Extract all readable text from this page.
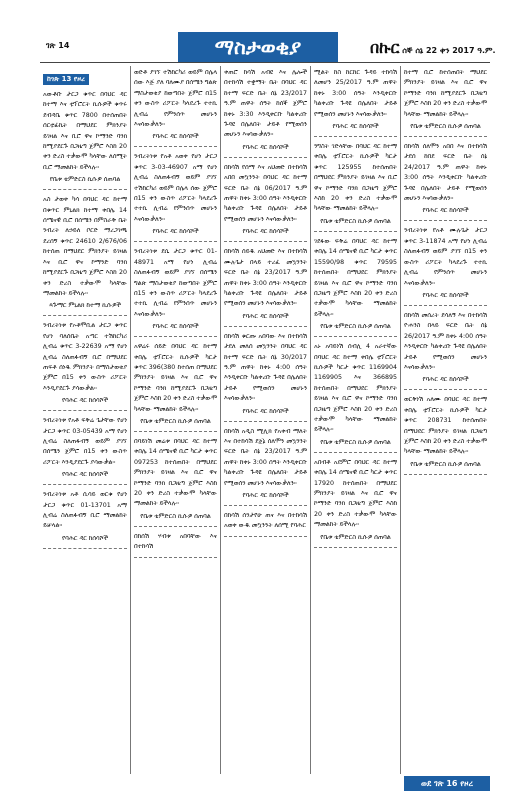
ገጽ 14	ማስታወቂያ	በኩር ሰኞ ሰኔ 22 ቀን 2017 ዓ.ም.
ከገጽ 13 የዞረ

አውቶቡ ታርጋ ቁጥር በባህር ዳር ከተማ እና ቲፕሮርት ኪሱዎች ቁጥሩ ደብዳቤ ቁጥር 7800 በተሰጠበት ሰርቲፊኬት በማህደር ምክንያት ይገዛል እና ቢሮ ዋና ኮማንድ ባንክ ከሚያደርጉ በጋዜጣ ጀምሮ እስከ 20 ቀን ድረስ ተቃውሞ ካላቸው ለሰሚት ቢሮ ማመልከት ይችላሉ፡፡

የቤቱ ቴምድርስ ኪሱዎ ሰጠባል

አስ ታወቀ ካሳ በባህር ዳር ከተማ በቁጥር ምኒልክ ከተማ ቀበሌ 14 ሰሜናዊ ቢሮ በሰሜን በምስራቅ ቤት ንብረት ለኃይለ ቦርድ ማረጋገጫ ደረሰኝ ቁጥር 24610 2/676/06 ከተሰጠ በማህደር ምክንያት ይገዛል እና ቢሮ ዋና ኮማንድ ባንክ ከሚያደርጉ በጋዜጣ ጀምሮ እስከ 20 ቀን ድረስ ተቃውሞ ካላቸው ማመልከት ይችላሉ፡፡

ጻጉማር ምኒልክ ከተማ ኪሱዎች

ንብረትነቱ የኦቶሞቢል ታርጋ ቁጥር የሆነ ባለሰቤት አጣር ተሽከርካሪ ሊብሬ ቁጥር 3-22639 አማ የሆነ ሊብሬ ስለጠፋብኝ ቢሮ በማህደር ጠፍቶ ሰነዱ ምክንያት በማስታወቂያ ጀምሮ በ15 ቀን ውስጥ ሪፖርት እንዲያደርጉ ያሳውቃል፡፡

የባሕር ዳር ከሰሳሾች

ንብረትነቱ የአቶ ፍቅሬ ጌታቸው የሆነ ታርጋ ቁጥር 03-05439 አማ የሆነ ሊብሬ ስለጠፋብኝ ወይም ያገኘ በሰሜን ጀምሮ በ15 ቀን ውስጥ ሪፖርት እንዲያደርጉ ያሳውቃል፡፡

የባሕር ዳር ከሰሳሾች

ንብረትነቱ አቶ ሲሳይ ወርቁ የሆነ ታርጋ ቁጥር 01-13701 አማ ሊብሬ ስለጠፋብኝ ቢሮ ማመልከት ይቻላል፡፡

የባሕር ዳር ከሰሳሾች

ወድቶ ያገኘ ተሽከርካሪ ወይም በሌላ ሰው እጅ ያለ ባለሙያ በሰሜን ግልጽ ማስታወቂያ ከወጣበት ጀምሮ በ15 ቀን ውስጥ ሪፖርት ካላደረጉ ተተኪ ሊብሬ የምንሰጥ መሆኑን እናሳውቃለን፡፡

የባሕር ዳር ከሰሳሾች

ንብረትነቱ የአቶ አወቀ የሆነ ታርጋ ቁጥር 3-03-46907 አማ የሆነ ሊብሬ ስለጠፋብኝ ወይም ያገኘ ተሽከርካሪ ወይም በሌላ ሰው ጀምሮ በ15 ቀን ውስጥ ሪፖርት ካላደረጉ ተተኪ ሊብሬ የምንሰጥ መሆኑን እናሳውቃለን፡፡

የባሕር ዳር ከሰሳሾች

ንብረትነቱ ደሴ ታርጋ ቁጥር 01-48971 አማ የሆነ ሊብሬ ስለጠፋብኝ ወይም ያገኘ በሰሜን ግልጽ ማስታወቂያ ከወጣበት ጀምሮ በ15 ቀን ውስጥ ሪፖርት ካላደረጉ ተተኪ ሊብሬ የምንሰጥ መሆኑን እናሳውቃለን፡፡

የባሕር ዳር ከሰሳሾች

አዋሬሩ ሰይድ በባህር ዳር ከተማ ቀበሌ ቲፕሮርት ኪሱዎች ካርታ ቁጥር 396(380 ከተሰጠ በማህደር ምክንያት ይገዛል እና ቢሮ ዋና ኮማንድ ባንክ ከሚያደርጉ በጋዜጣ ጀምሮ እስከ 20 ቀን ድረስ ተቃውሞ ካላቸው ማመልከት ይችላሉ፡፡

የቤቱ ቴምድርስ ኪሱዎ ሰጠባል

በባይነሽ መሬቱ በባህር ዳር ከተማ ቀበሌ 14 ሰሜናዊ ቢሮ ካርታ ቁጥር 097253 ከተሰጠበት በማህደር ምክንያት ይገዛል እና ቢሮ ዋና ኮማንድ ባንክ በጋዜጣ ጀምሮ እስከ 20 ቀን ድረስ ተቃውሞ ካላቸው ማመልከት ይችላሉ፡፡

የቤቱ ቴምድርስ ኪሱዎ ሰጠባል

በከሰሽ ሃብቱ አበባቸው እና በተከሳሽ

ቀጠሮ ከሳሽ አብዩ እና ሌሎች በተከሳሽ ተቋማት ቤት በባህር ዳር ከተማ ፍርድ ቤት ሰኔ 23/2017 ዓ.ም ጠዋት ሰዓት ከሰኞ ጀምሮ ከቀኑ 3:30 እንዲቀርቡ ካልቀረቡ ጉዳዩ በሌለበት ታይቶ የሚወሰን መሆኑን እናሳውቃለን፡፡

የባሕር ዳር ከሰሳሾች

በከሳሽ የሰማ እና አህመድ በተከሳሽ አበበ መኳንንት በባህር ዳር ከተማ ፍርድ ቤት ሰኔ 06/2017 ዓ.ም ጠዋት ከቀኑ 3:00 ሰዓት እንዲቀርቡ ካልቀረቡ ጉዳዩ በሌለበት ታይቶ የሚወሰን መሆኑን እናሳውቃለን፡፡

የባሕር ዳር ከሰሳሾች

በከሳሽ ሰይዱ አህመድ እና በተከሳሽ ሙሉጌታ በላይ ተረፈ መኳንንት ፍርድ ቤት ሰኔ 23/2017 ዓ.ም ጠዋት ከቀኑ 3:00 ሰዓት እንዲቀርቡ ካልቀረቡ ጉዳዩ በሌለበት ታይቶ የሚወሰን መሆኑን እናሳውቃለን፡፡

የባሕር ዳር ከሰሳሾች

በከሳሽ ቁርጡ አበባው እና በተከሳሽ ታደለ መለሰ መኳንንት በባህር ዳር ከተማ ፍርድ ቤት ሰኔ 30/2017 ዓ.ም ጠዋት ከቀኑ 4:00 ሰዓት እንዲቀርቡ ካልቀረቡ ጉዳዩ በሌለበት ታይቶ የሚወሰን መሆኑን እናሳውቃለን፡፡

የባሕር ዳር ከሰሳሾች

በከሳሽ አዲስ ሚሊክ የአቀብ ማለት እና በተከሳሽ ደጀኔ ሰለሞን መኳንንት ፍርድ ቤት ሰኔ 23/2017 ዓ.ም ጠዋት ከቀኑ 3:00 ሰዓት እንዲቀርቡ ካልቀረቡ ጉዳዩ በሌለበት ታይቶ የሚወሰን መሆኑን እናሳውቃለን፡፡

የባሕር ዳር ከሰሳሾች

በከሳሽ ሰንታየሁ ጠና እና በተከሳሽ አወቀ ውዱ መኳንንት ለሰሚ የባሕር

ሚልት ከስ ከርከር ጉዳይ ተከሳሽ ለመሆን 25/2017 ዓ.ም ጠዋት ከቀኑ 3:00 ሰዓት እንዲቀርቡ ካልቀረቡ ጉዳዩ በሌለበት ታይቶ የሚወሰን መሆኑን እናሳውቃለን፡፡

የባሕር ዳር ከሰሳሾች

ንግስት ገድላቸው በባህር ዳር ከተማ ቀበሌ ቲፕሮርት ኪሱዎች ካርታ ቁጥር 125955 ከተሰጠበት በማህደር ምክንያት ይገዛል እና ቢሮ ዋና ኮማንድ ባንክ በጋዜጣ ጀምሮ እስከ 20 ቀን ድረስ ተቃውሞ ካላቸው ማመልከት ይችላሉ፡፡

የቤቱ ቴምድርስ ኪሱዎ ሰጠባል

ገደፋው ፍቅሬ በባህር ዳር ከተማ ቀበሌ 14 ሰሜናዊ ቢሮ ካርታ ቁጥር 15590/98 ቁጥር 79595 ከተሰጠበት በማህደር ምክንያት ይገዛል እና ቢሮ ዋና ኮማንድ ባንክ በጋዜጣ ጀምሮ እስከ 20 ቀን ድረስ ተቃውሞ ካላቸው ማመልከት ይችላሉ፡፡

የቤቱ ቴምድርስ ኪሱዎ ሰጠባል

አኑ አባይነሽ ሰብሊ 4 አራተኛው በባህር ዳር ከተማ ቀበሌ ቲፕሮርት ኪሱዎች ካርታ ቁጥር 1169904 1169905 እና 366895 ከተሰጠበት በማህደር ምክንያት ይገዛል እና ቢሮ ዋና ኮማንድ ባንክ በጋዜጣ ጀምሮ እስከ 20 ቀን ድረስ ተቃውሞ ካላቸው ማመልከት ይችላሉ፡፡

የቤቱ ቴምድርስ ኪሱዎ ሰጠባል

አበብቶ አደምሮ በባህር ዳር ከተማ ቀበሌ 14 ሰሜናዊ ቢሮ ካርታ ቁጥር 17920 ከተሰጠበት በማህደር ምክንያት ይገዛል እና ቢሮ ዋና ኮማንድ ባንክ በጋዜጣ ጀምሮ እስከ 20 ቀን ድረስ ተቃውሞ ካላቸው ማመልከት ይችላሉ፡፡

የቤቱ ቴምድርስ ኪሱዎ ሰጠባል

ከተማ ቢሮ ከተሰጠበት ማህደር ምክንያት ይገዛል እና ቢሮ ዋና ኮማንድ ባንክ ከሚያደርጉ በጋዜጣ ጀምሮ እስከ 20 ቀን ድረስ ተቃውሞ ካላቸው ማመልከት ይችላሉ፡፡

የቤቱ ቴምድርስ ኪሱዎ ሰጠባል

በከሳሽ ሰለሞን አበበ እና በተከሳሽ ታደሰ ከበደ ፍርድ ቤት ሰኔ 24/2017 ዓ.ም ጠዋት ከቀኑ 3:00 ሰዓት እንዲቀርቡ ካልቀረቡ ጉዳዩ በሌለበት ታይቶ የሚወሰን መሆኑን እናሳውቃለን፡፡

የባሕር ዳር ከሰሳሾች

ንብረትነቱ የአቶ ሙሉጌታ ታርጋ ቁጥር 3-11874 አማ የሆነ ሊብሬ ስለጠፋብኝ ወይም ያገኘ በ15 ቀን ውስጥ ሪፖርት ካላደረጉ ተተኪ ሊብሬ የምንሰጥ መሆኑን እናሳውቃለን፡፡

የባሕር ዳር ከሰሳሾች

በከሳሽ መሰረት ደሳለኝ እና በተከሳሽ ዮሐንስ በላይ ፍርድ ቤት ሰኔ 26/2017 ዓ.ም ከቀኑ 4:00 ሰዓት እንዲቀርቡ ካልቀረቡ ጉዳዩ በሌለበት ታይቶ የሚወሰን መሆኑን እናሳውቃለን፡፡

የባሕር ዳር ከሰሳሾች

ወርቅነሽ አለሙ በባህር ዳር ከተማ ቀበሌ ቲፕሮርት ኪሱዎች ካርታ ቁጥር 208731 ከተሰጠበት በማህደር ምክንያት ይገዛል በጋዜጣ ጀምሮ እስከ 20 ቀን ድረስ ተቃውሞ ካላቸው ማመልከት ይችላሉ፡፡

የቤቱ ቴምድርስ ኪሱዎ ሰጠባል
ወደ ገጽ 16 የዞረ
